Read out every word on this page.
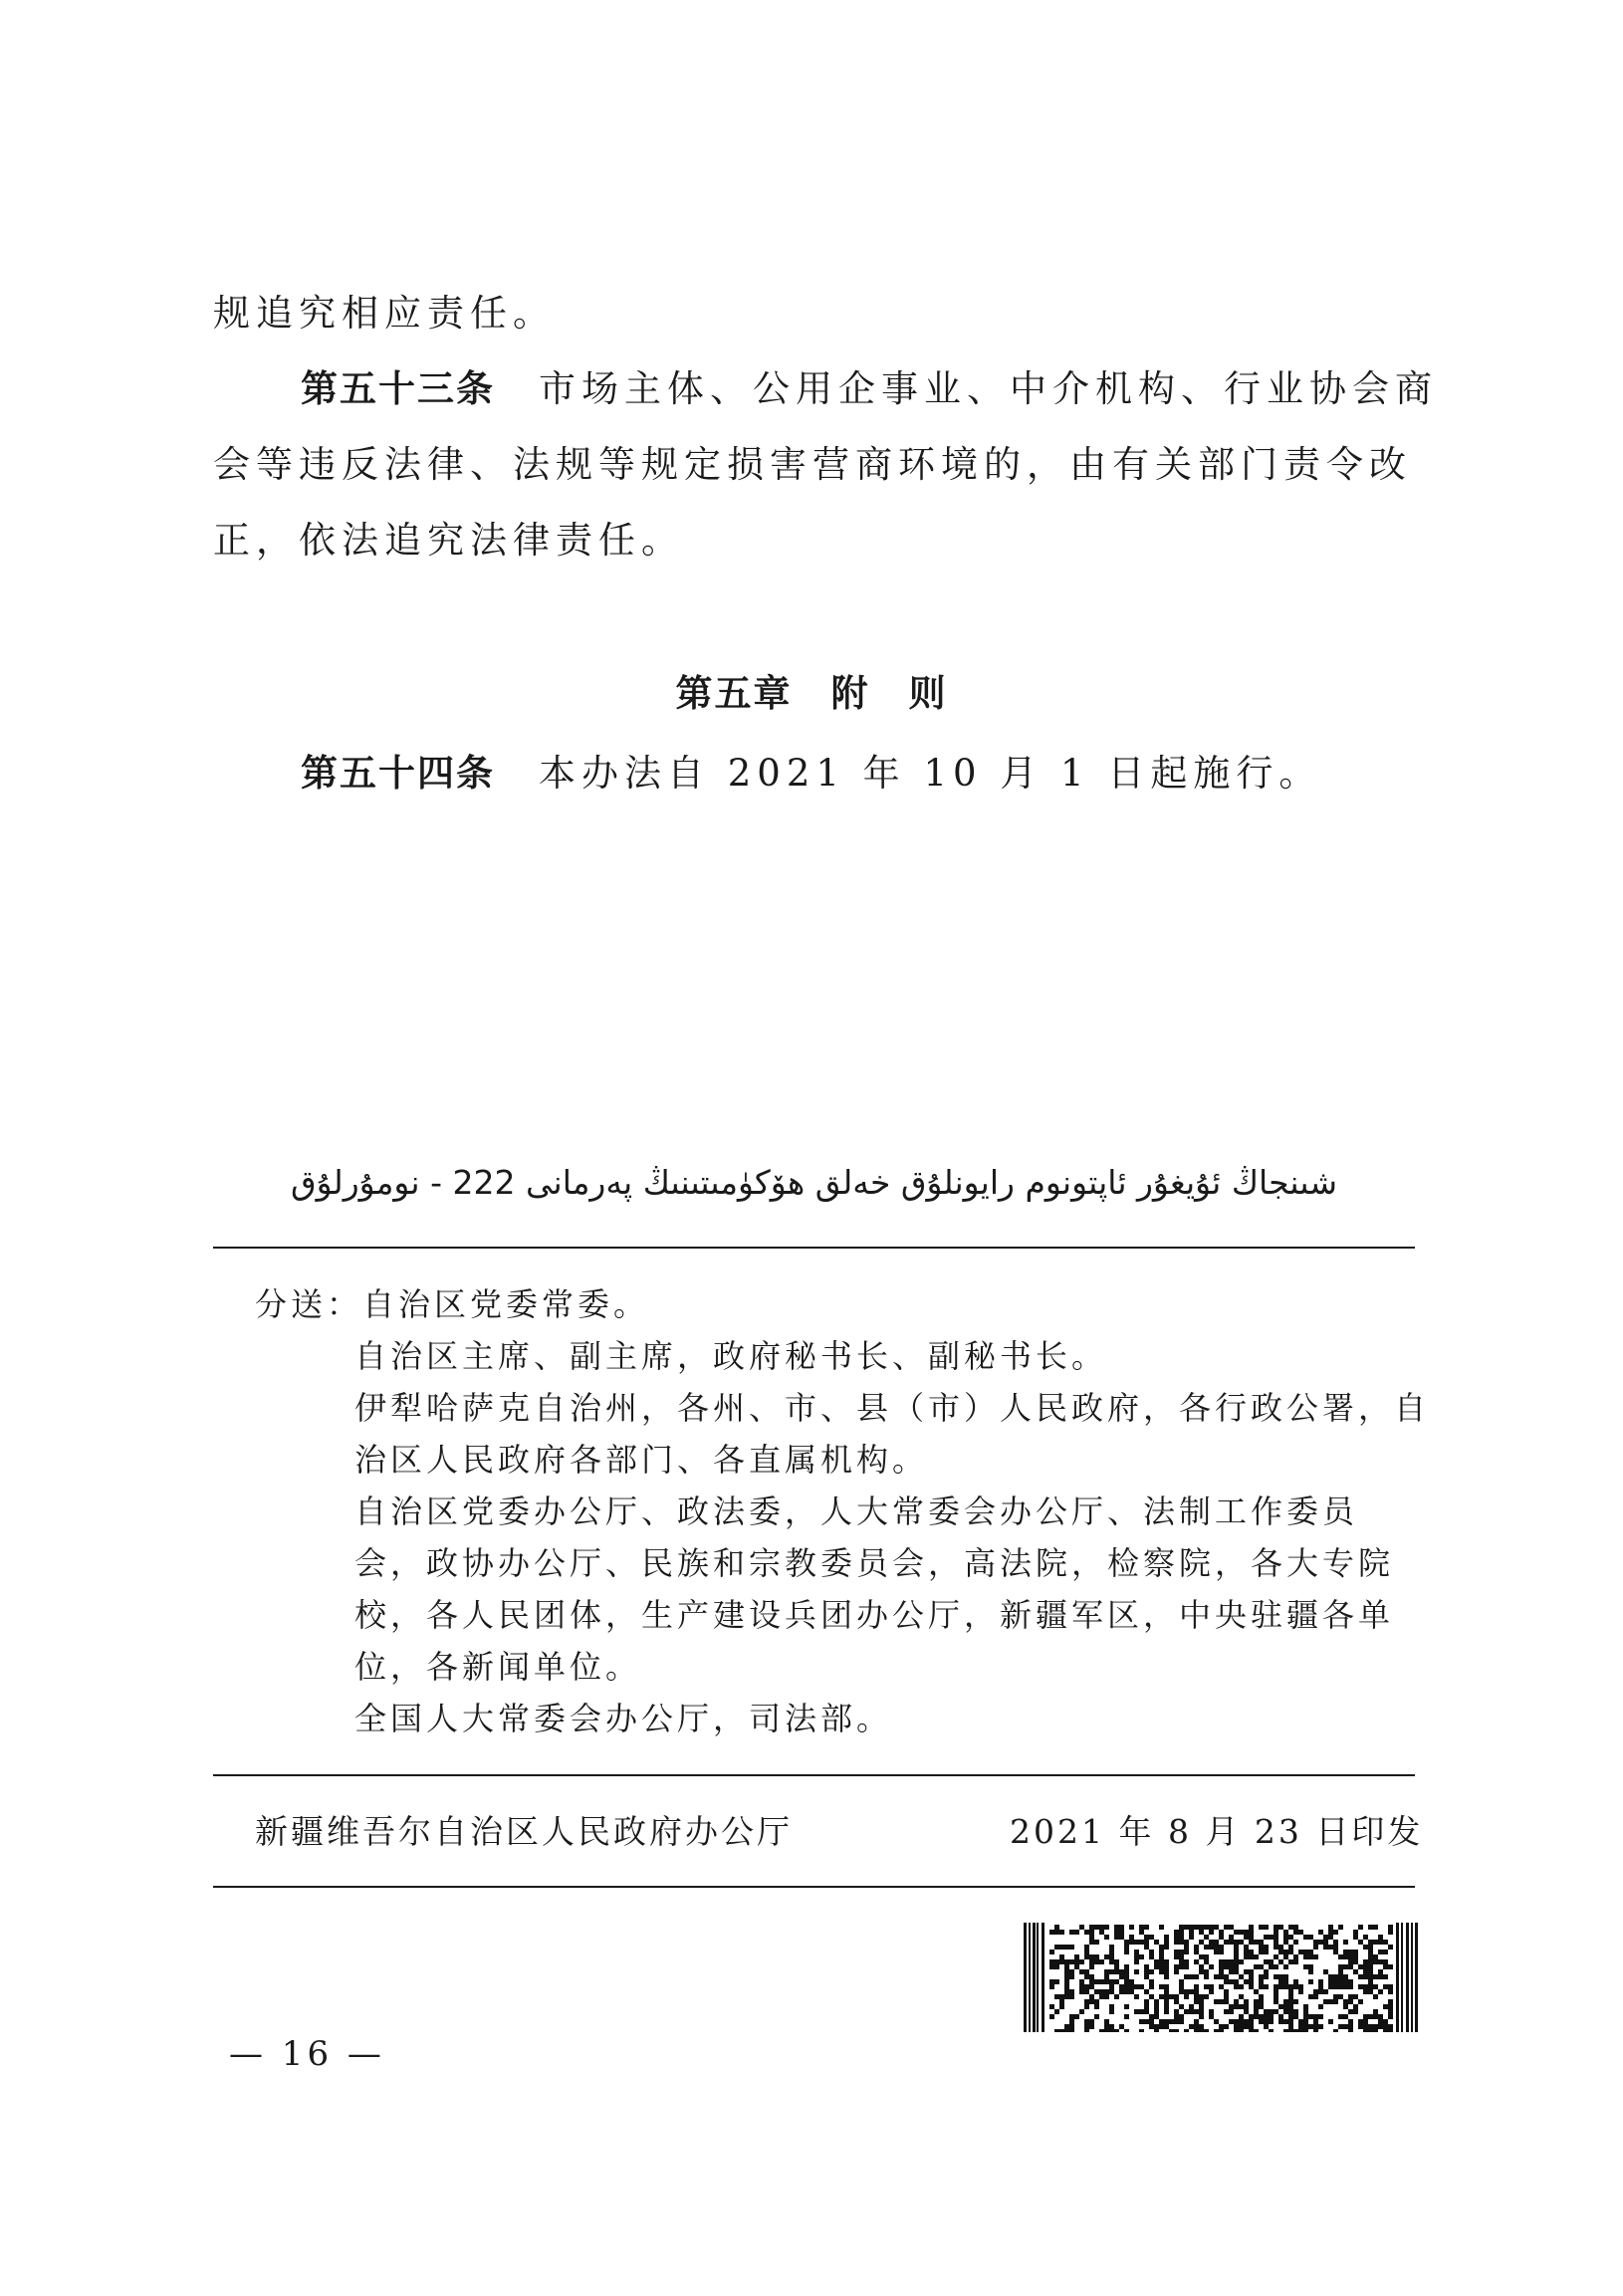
规追究相应责任。
第五十三条 市场主体、公用企事业、中介机构、行业协会商
会等违反法律、法规等规定损害营商环境的，由有关部门责令改
正，依法追究法律责任。
第五章　附　则
第五十四条 本办法自 2021 年 10 月 1 日起施行。
شىنجاڭ ئۇيغۇر ئاپتونوم رايونلۇق خەلق ھۆكۈمىتىنىڭ پەرمانى 222 - نومۇرلۇق
分送：自治区党委常委。
自治区主席、副主席，政府秘书长、副秘书长。
伊犁哈萨克自治州，各州、市、县（市）人民政府，各行政公署，自
治区人民政府各部门、各直属机构。
自治区党委办公厅、政法委，人大常委会办公厅、法制工作委员
会，政协办公厅、民族和宗教委员会，高法院，检察院，各大专院
校，各人民团体，生产建设兵团办公厅，新疆军区，中央驻疆各单
位，各新闻单位。
全国人大常委会办公厅，司法部。
新疆维吾尔自治区人民政府办公厅	2021 年 8 月 23 日印发
— 16 —
